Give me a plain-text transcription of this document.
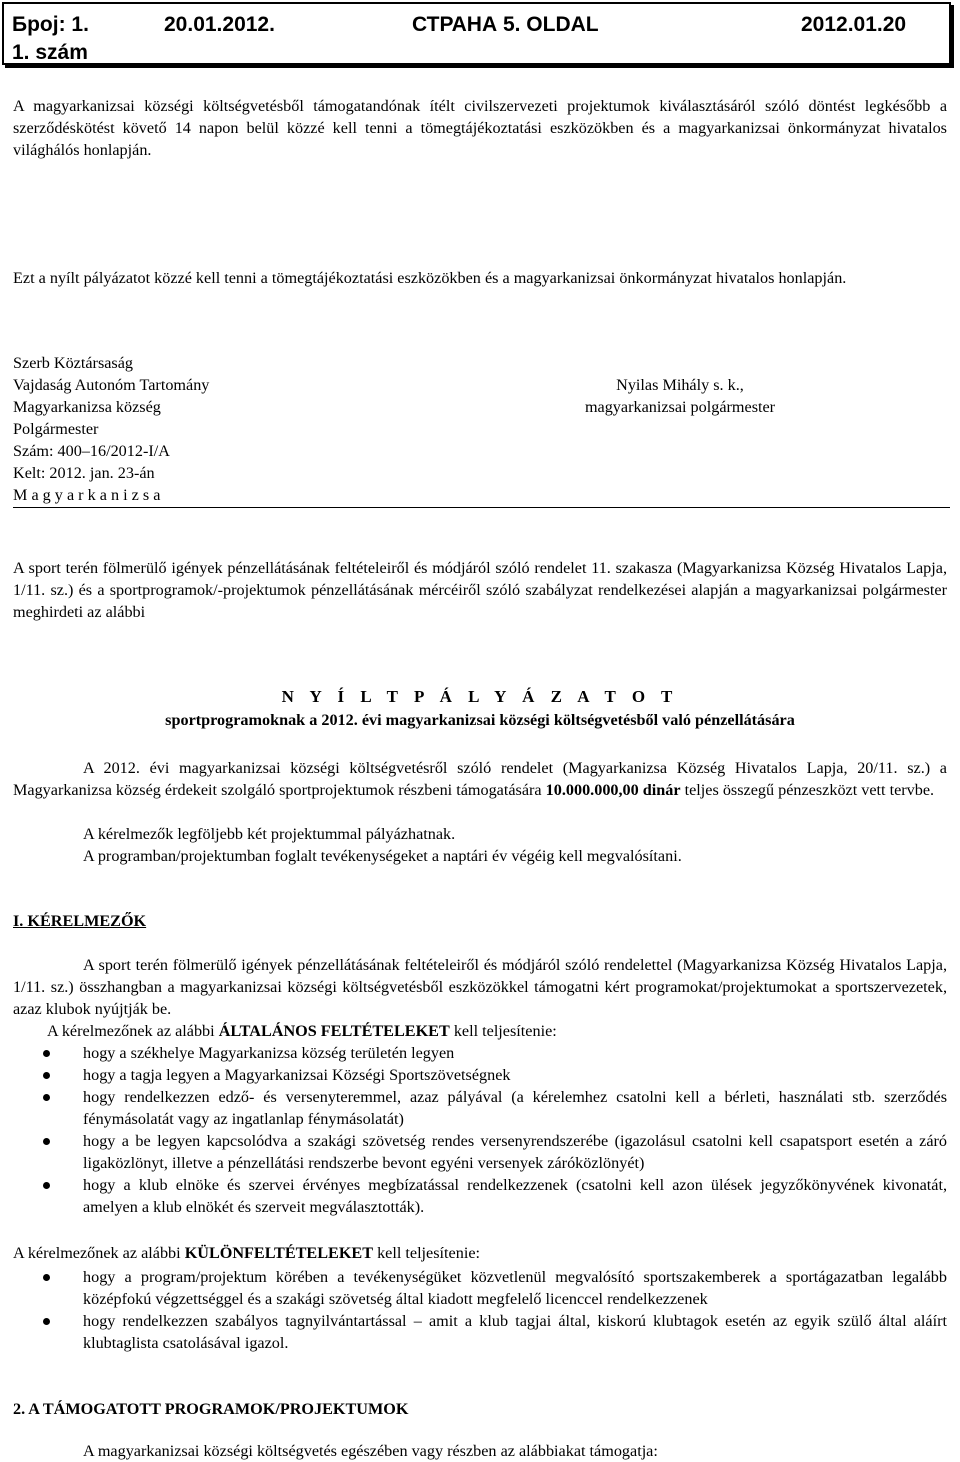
Број: 1.	20.01.2012.	СТРАНА 5. OLDAL	2012.01.20
1. szám

A magyarkanizsai községi költségvetésből támogatandónak ítélt civilszervezeti projektumok kiválasztásáról szóló döntést legkésőbb a szerződéskötést követő 14 napon belül közzé kell tenni a tömegtájékoztatási eszközökben és a magyarkanizsai önkormányzat hivatalos világhálós honlapján.

Ezt a nyílt pályázatot közzé kell tenni a tömegtájékoztatási eszközökben és a magyarkanizsai önkormányzat hivatalos honlapján.

Szerb Köztársaság
Vajdaság Autonóm Tartomány
Magyarkanizsa község
Polgármester
Szám: 400–16/2012-I/A
Kelt: 2012. jan. 23-án
M a g y a r k a n i z s a
Nyilas Mihály s. k.,
magyarkanizsai polgármester

A sport terén fölmerülő igények pénzellátásának feltételeiről és módjáról szóló rendelet 11. szakasza (Magyarkanizsa Község Hivatalos Lapja, 1/11. sz.) és a sportprogramok/-projektumok pénzellátásának mércéiről szóló szabályzat rendelkezései alapján a magyarkanizsai polgármester meghirdeti az alábbi

N Y Í L T P Á L Y Á Z A T O T
sportprogramoknak a 2012. évi magyarkanizsai községi költségvetésből való pénzellátására

A 2012. évi magyarkanizsai községi költségvetésről szóló rendelet (Magyarkanizsa Község Hivatalos Lapja, 20/11. sz.) a Magyarkanizsa község érdekeit szolgáló sportprojektumok részbeni támogatására 10.000.000,00 dinár teljes összegű pénzeszközt vett tervbe.

A kérelmezők legföljebb két projektummal pályázhatnak.
A programban/projektumban foglalt tevékenységeket a naptári év végéig kell megvalósítani.
I. KÉRELMEZŐK

A sport terén fölmerülő igények pénzellátásának feltételeiről és módjáról szóló rendelettel (Magyarkanizsa Község Hivatalos Lapja, 1/11. sz.) összhangban a magyarkanizsai községi költségvetésből eszközökkel támogatni kért programokat/projektumokat a sportszervezetek, azaz klubok nyújtják be.

A kérelmezőnek az alábbi ÁLTALÁNOS FELTÉTELEKET kell teljesítenie:
hogy a székhelye Magyarkanizsa község területén legyen
hogy a tagja legyen a Magyarkanizsai Községi Sportszövetségnek
hogy rendelkezzen edző- és versenyteremmel, azaz pályával (a kérelemhez csatolni kell a bérleti, használati stb. szerződés fénymásolatát vagy az ingatlanlap fénymásolatát)
hogy a be legyen kapcsolódva a szakági szövetség rendes versenyrendszerébe (igazolásul csatolni kell csapatsport esetén a záró ligaközlönyt, illetve a pénzellátási rendszerbe bevont egyéni versenyek záróközlönyét)
hogy a klub elnöke és szervei érvényes megbízatással rendelkezzenek (csatolni kell azon ülések jegyzőkönyvének kivonatát, amelyen a klub elnökét és szerveit megválasztották).
A kérelmezőnek az alábbi KÜLÖNFELTÉTELEKET kell teljesítenie:
hogy a program/projektum körében a tevékenységüket közvetlenül megvalósító sportszakemberek a sportágazatban legalább középfokú végzettséggel és a szakági szövetség által kiadott megfelelő licenccel rendelkezzenek
hogy rendelkezzen szabályos tagnyilvántartással – amit a klub tagjai által, kiskorú klubtagok esetén az egyik szülő által aláírt klubtaglista csatolásával igazol.
2. A TÁMOGATOTT PROGRAMOK/PROJEKTUMOK
A magyarkanizsai községi költségvetés egészében vagy részben az alábbiakat támogatja:
